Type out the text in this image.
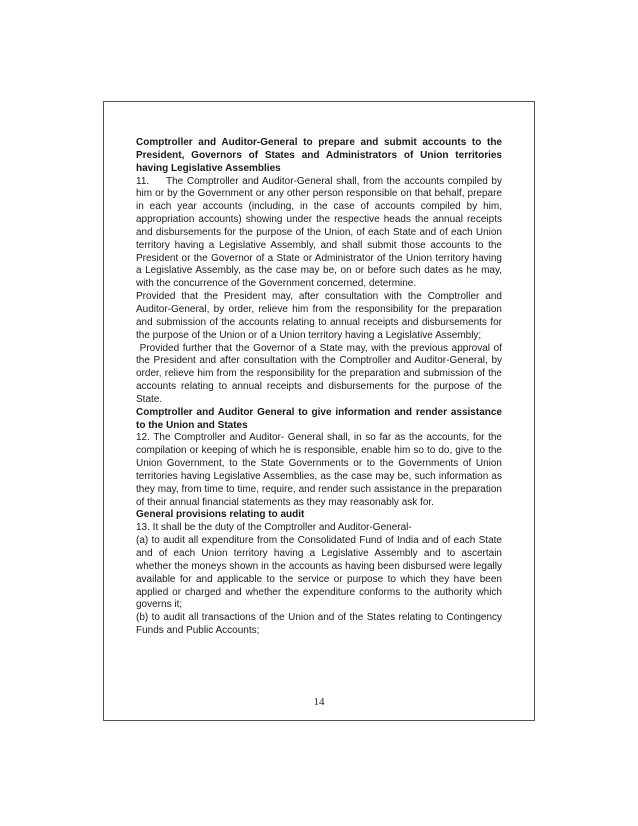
Comptroller and Auditor-General to prepare and submit accounts to the President, Governors of States and Administrators of Union territories having Legislative Assemblies

11. The Comptroller and Auditor-General shall, from the accounts compiled by him or by the Government or any other person responsible on that behalf, prepare in each year accounts (including, in the case of accounts compiled by him, appropriation accounts) showing under the respective heads the annual receipts and disbursements for the purpose of the Union, of each State and of each Union territory having a Legislative Assembly, and shall submit those accounts to the President or the Governor of a State or Administrator of the Union territory having a Legislative Assembly, as the case may be, on or before such dates as he may, with the concurrence of the Government concerned, determine.

Provided that the President may, after consultation with the Comptroller and Auditor-General, by order, relieve him from the responsibility for the preparation and submission of the accounts relating to annual receipts and disbursements for the purpose of the Union or of a Union territory having a Legislative Assembly;

Provided further that the Governor of a State may, with the previous approval of the President and after consultation with the Comptroller and Auditor-General, by order, relieve him from the responsibility for the preparation and submission of the accounts relating to annual receipts and disbursements for the purpose of the State.

Comptroller and Auditor General to give information and render assistance to the Union and States

12. The Comptroller and Auditor- General shall, in so far as the accounts, for the compilation or keeping of which he is responsible, enable him so to do, give to the Union Government, to the State Governments or to the Governments of Union territories having Legislative Assemblies, as the case may be, such information as they may, from time to time, require, and render such assistance in the preparation of their annual financial statements as they may reasonably ask for.

General provisions relating to audit

13. It shall be the duty of the Comptroller and Auditor-General-

(a) to audit all expenditure from the Consolidated Fund of India and of each State and of each Union territory having a Legislative Assembly and to ascertain whether the moneys shown in the accounts as having been disbursed were legally available for and applicable to the service or purpose to which they have been applied or charged and whether the expenditure conforms to the authority which governs it;

(b) to audit all transactions of the Union and of the States relating to Contingency Funds and Public Accounts;

14
